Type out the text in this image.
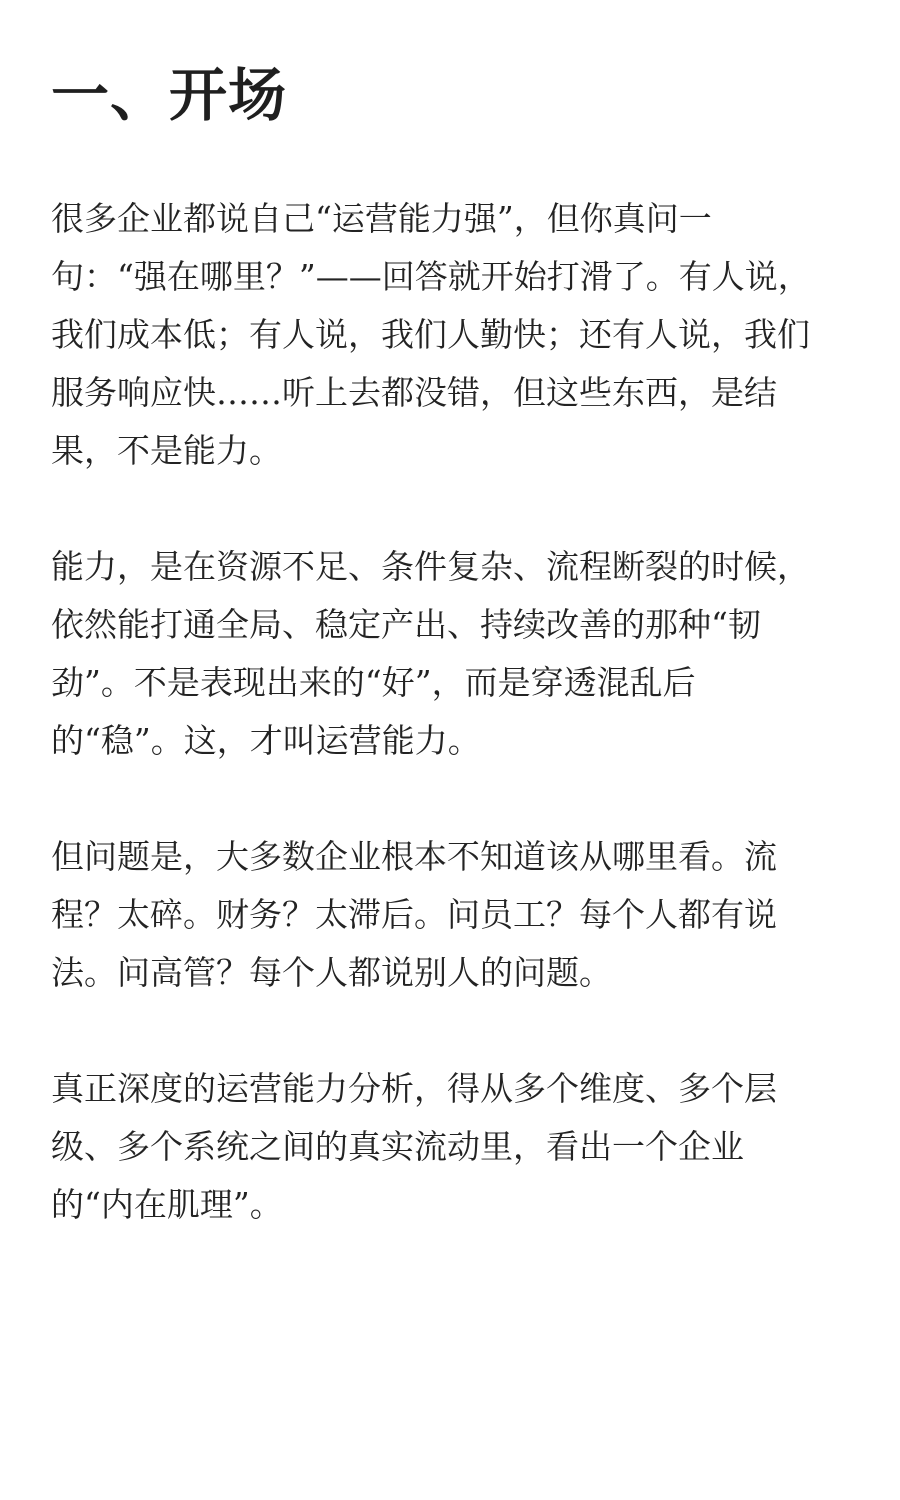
一、开场

很多企业都说自己“运营能力强”，但你真问一
句：“强在哪里？”——回答就开始打滑了。有人说，
我们成本低；有人说，我们人勤快；还有人说，我们
服务响应快……听上去都没错，但这些东西，是结
果，不是能力。

能力，是在资源不足、条件复杂、流程断裂的时候，
依然能打通全局、稳定产出、持续改善的那种“韧
劲”。不是表现出来的“好”，而是穿透混乱后
的“稳”。这，才叫运营能力。

但问题是，大多数企业根本不知道该从哪里看。流
程？太碎。财务？太滞后。问员工？每个人都有说
法。问高管？每个人都说别人的问题。

真正深度的运营能力分析，得从多个维度、多个层
级、多个系统之间的真实流动里，看出一个企业
的“内在肌理”。
